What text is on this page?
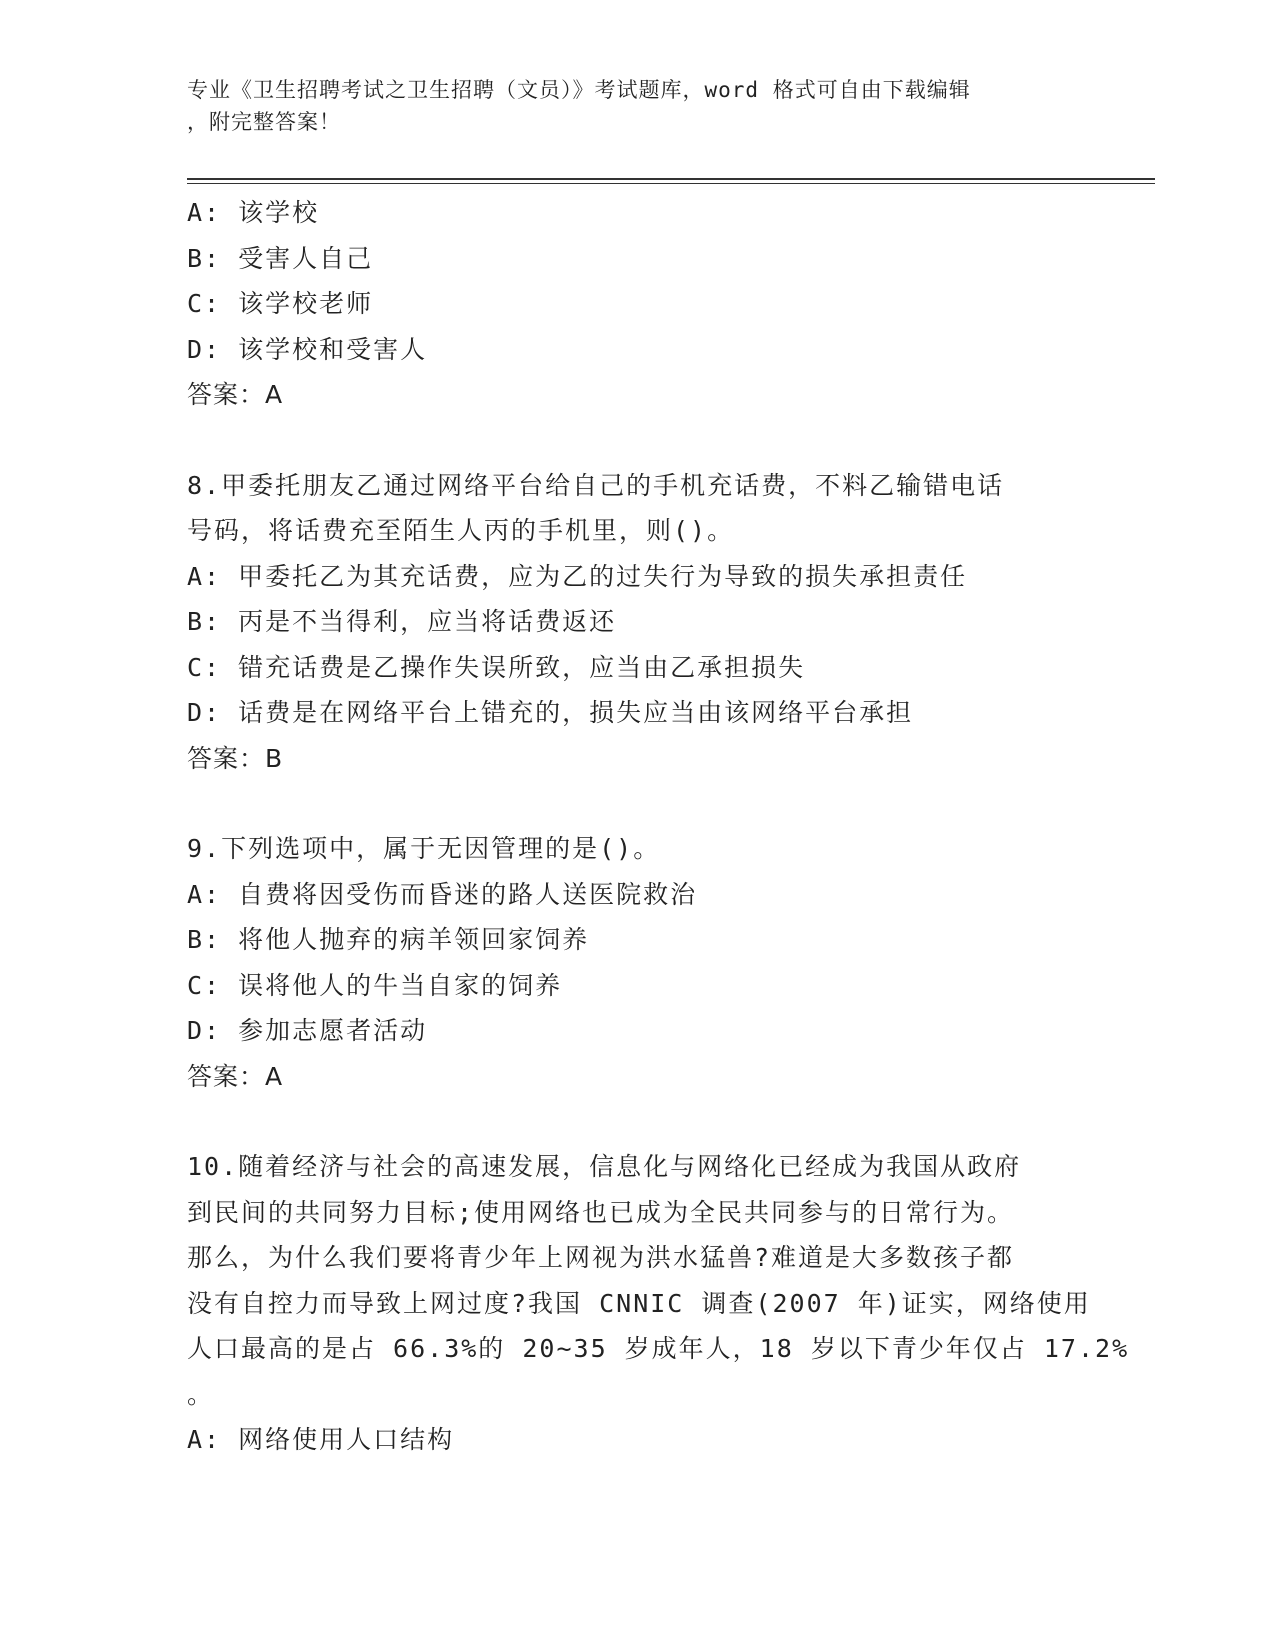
专业《卫生招聘考试之卫生招聘（文员）》考试题库，word 格式可自由下载编辑
，附完整答案！
A: 该学校
B: 受害人自己
C: 该学校老师
D: 该学校和受害人
答案：A
8.甲委托朋友乙通过网络平台给自己的手机充话费，不料乙输错电话
号码，将话费充至陌生人丙的手机里，则()。
A: 甲委托乙为其充话费，应为乙的过失行为导致的损失承担责任
B: 丙是不当得利，应当将话费返还
C: 错充话费是乙操作失误所致，应当由乙承担损失
D: 话费是在网络平台上错充的，损失应当由该网络平台承担
答案：B
9.下列选项中，属于无因管理的是()。
A: 自费将因受伤而昏迷的路人送医院救治
B: 将他人抛弃的病羊领回家饲养
C: 误将他人的牛当自家的饲养
D: 参加志愿者活动
答案：A
10.随着经济与社会的高速发展，信息化与网络化已经成为我国从政府
到民间的共同努力目标;使用网络也已成为全民共同参与的日常行为。
那么，为什么我们要将青少年上网视为洪水猛兽?难道是大多数孩子都
没有自控力而导致上网过度?我国 CNNIC 调查(2007 年)证实，网络使用
人口最高的是占 66.3%的 20~35 岁成年人，18 岁以下青少年仅占 17.2%
。
A: 网络使用人口结构
